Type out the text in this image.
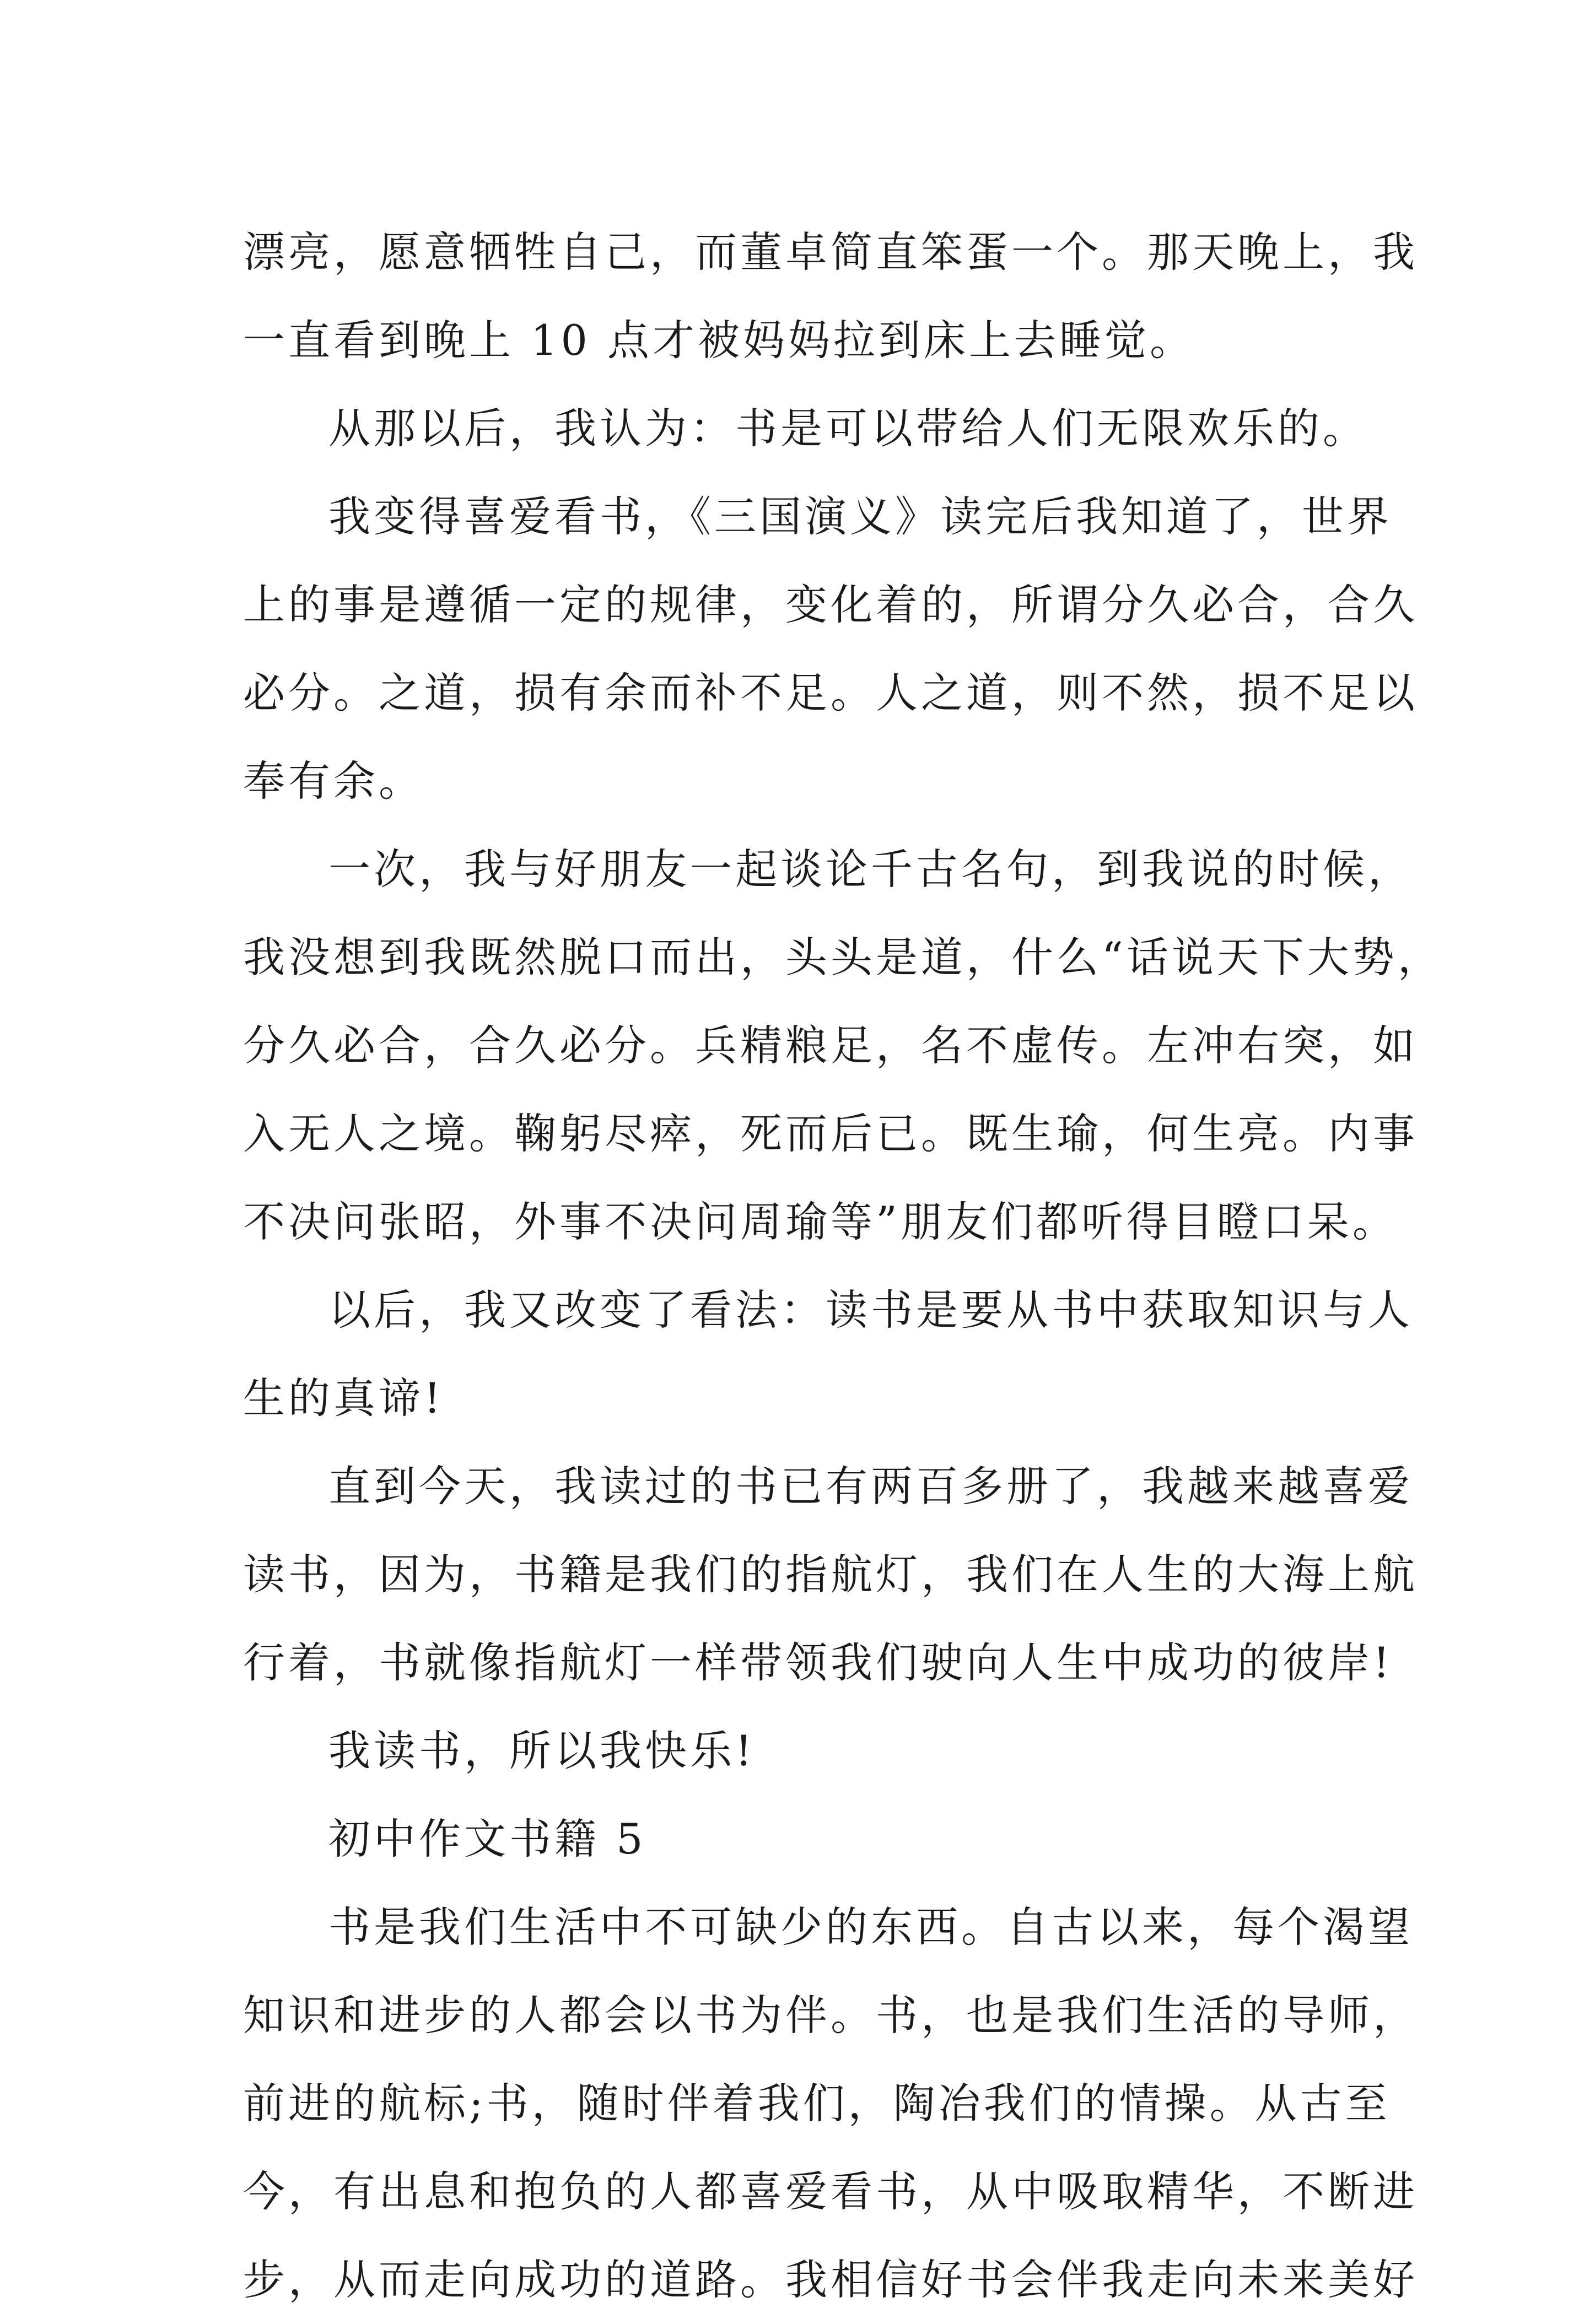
漂亮，愿意牺牲自己，而董卓简直笨蛋一个。那天晚上，我
一直看到晚上 10 点才被妈妈拉到床上去睡觉。
从那以后，我认为：书是可以带给人们无限欢乐的。
我变得喜爱看书，《三国演义》读完后我知道了，世界
上的事是遵循一定的规律，变化着的，所谓分久必合，合久
必分。之道，损有余而补不足。人之道，则不然，损不足以
奉有余。
一次，我与好朋友一起谈论千古名句，到我说的时候，
我没想到我既然脱口而出，头头是道，什么“话说天下大势，
分久必合，合久必分。兵精粮足，名不虚传。左冲右突，如
入无人之境。鞠躬尽瘁，死而后已。既生瑜，何生亮。内事
不决问张昭，外事不决问周瑜等”朋友们都听得目瞪口呆。
以后，我又改变了看法：读书是要从书中获取知识与人
生的真谛!
直到今天，我读过的书已有两百多册了，我越来越喜爱
读书，因为，书籍是我们的指航灯，我们在人生的大海上航
行着，书就像指航灯一样带领我们驶向人生中成功的彼岸!
我读书，所以我快乐!
初中作文书籍 5
书是我们生活中不可缺少的东西。自古以来，每个渴望
知识和进步的人都会以书为伴。书，也是我们生活的导师，
前进的航标;书，随时伴着我们，陶冶我们的情操。从古至
今，有出息和抱负的人都喜爱看书，从中吸取精华，不断进
步，从而走向成功的道路。我相信好书会伴我走向未来美好
